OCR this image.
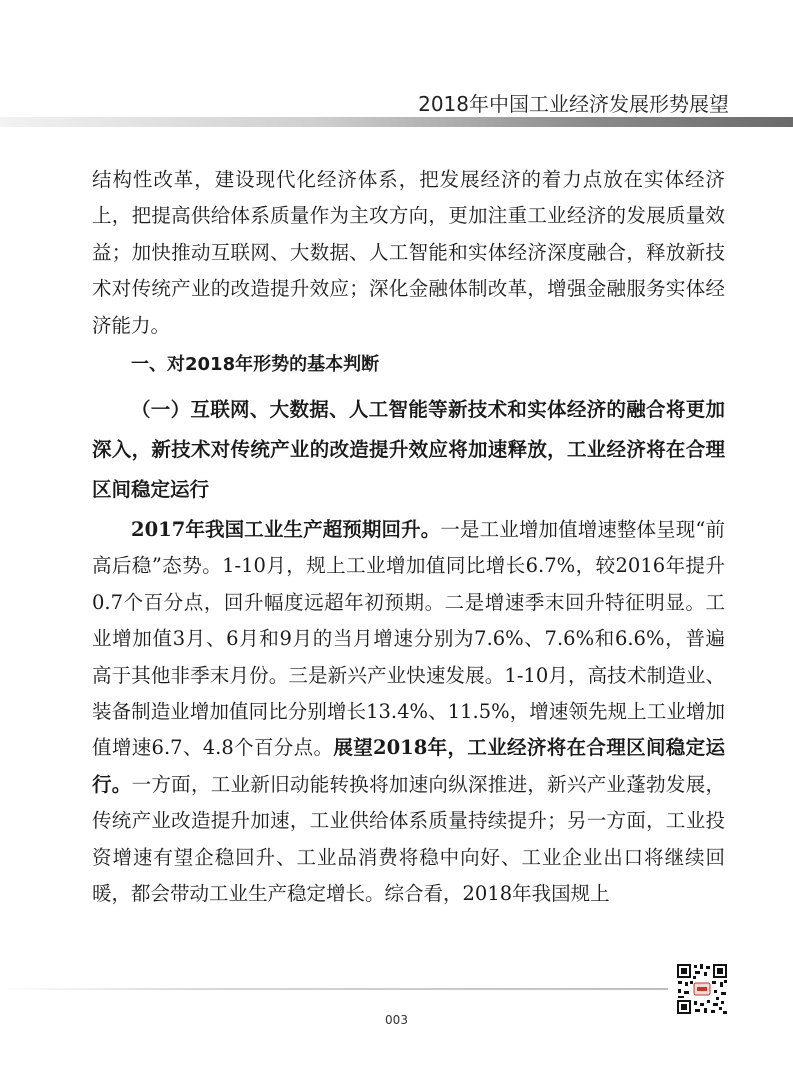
2018年中国工业经济发展形势展望

结构性改革，建设现代化经济体系，把发展经济的着力点放在实体经济上，把提高供给体系质量作为主攻方向，更加注重工业经济的发展质量效益；加快推动互联网、大数据、人工智能和实体经济深度融合，释放新技术对传统产业的改造提升效应；深化金融体制改革，增强金融服务实体经济能力。

一、对2018年形势的基本判断

（一）互联网、大数据、人工智能等新技术和实体经济的融合将更加深入，新技术对传统产业的改造提升效应将加速释放，工业经济将在合理区间稳定运行

2017年我国工业生产超预期回升。一是工业增加值增速整体呈现“前高后稳”态势。1-10月，规上工业增加值同比增长6.7%，较2016年提升0.7个百分点，回升幅度远超年初预期。二是增速季末回升特征明显。工业增加值3月、6月和9月的当月增速分别为7.6%、7.6%和6.6%，普遍高于其他非季末月份。三是新兴产业快速发展。1-10月，高技术制造业、装备制造业增加值同比分别增长13.4%、11.5%，增速领先规上工业增加值增速6.7、4.8个百分点。展望2018年，工业经济将在合理区间稳定运行。一方面，工业新旧动能转换将加速向纵深推进，新兴产业蓬勃发展，传统产业改造提升加速，工业供给体系质量持续提升；另一方面，工业投资增速有望企稳回升、工业品消费将稳中向好、工业企业出口将继续回暖，都会带动工业生产稳定增长。综合看，2018年我国规上

003
